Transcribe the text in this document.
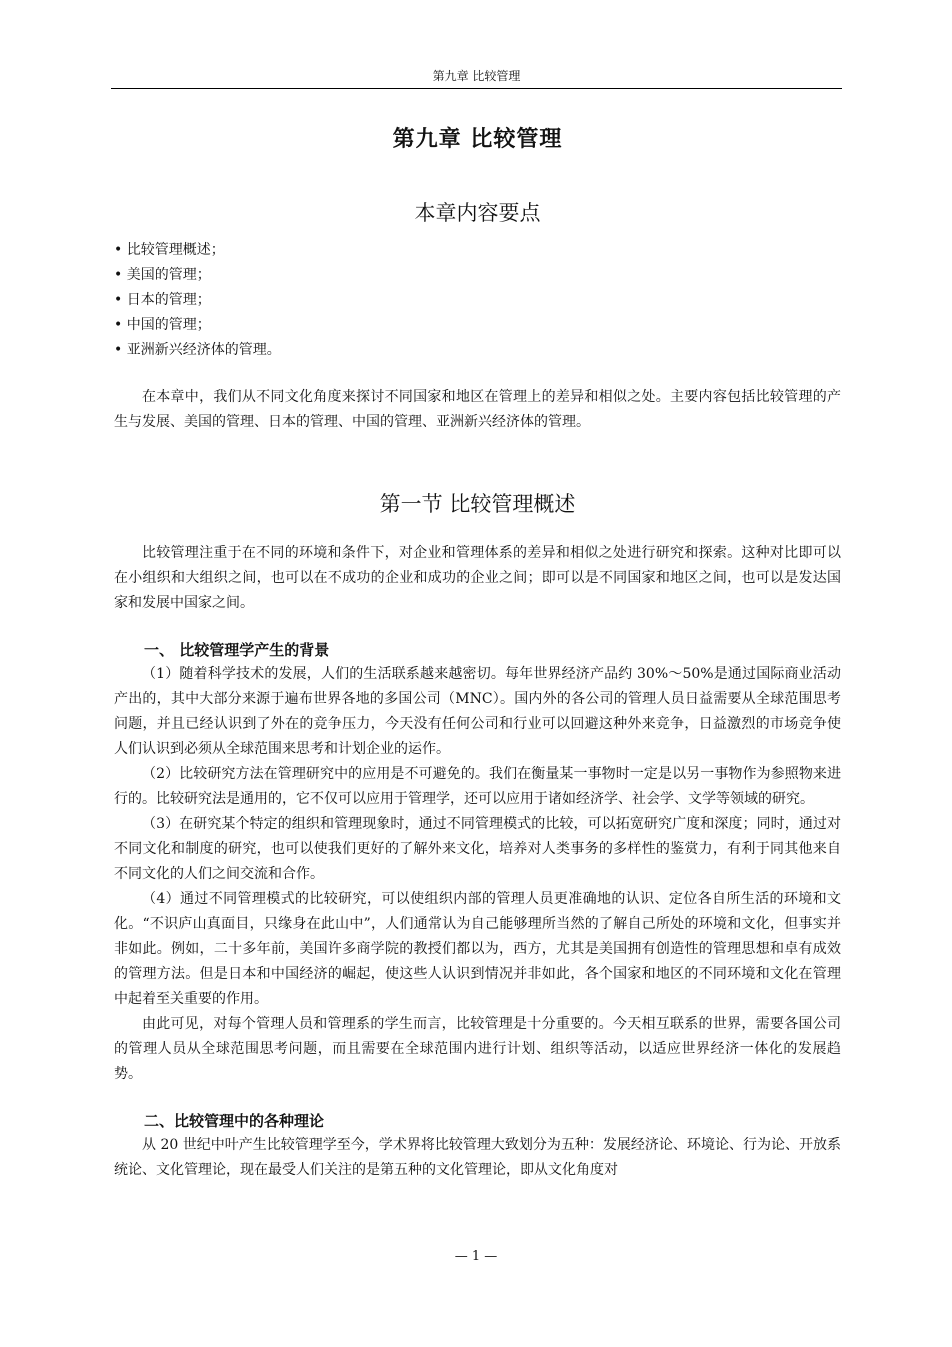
第九章 比较管理
第九章 比较管理
本章内容要点
• 比较管理概述；
• 美国的管理；
• 日本的管理；
• 中国的管理；
• 亚洲新兴经济体的管理。

在本章中，我们从不同文化角度来探讨不同国家和地区在管理上的差异和相似之处。主要内容包括比较管理的产生与发展、美国的管理、日本的管理、中国的管理、亚洲新兴经济体的管理。

第一节 比较管理概述

比较管理注重于在不同的环境和条件下，对企业和管理体系的差异和相似之处进行研究和探索。这种对比即可以在小组织和大组织之间，也可以在不成功的企业和成功的企业之间；即可以是不同国家和地区之间，也可以是发达国家和发展中国家之间。

一、 比较管理学产生的背景

（1）随着科学技术的发展，人们的生活联系越来越密切。每年世界经济产品约 30%～50%是通过国际商业活动产出的，其中大部分来源于遍布世界各地的多国公司（MNC）。国内外的各公司的管理人员日益需要从全球范围思考问题，并且已经认识到了外在的竞争压力，今天没有任何公司和行业可以回避这种外来竞争，日益激烈的市场竞争使人们认识到必须从全球范围来思考和计划企业的运作。

（2）比较研究方法在管理研究中的应用是不可避免的。我们在衡量某一事物时一定是以另一事物作为参照物来进行的。比较研究法是通用的，它不仅可以应用于管理学，还可以应用于诸如经济学、社会学、文学等领域的研究。

（3）在研究某个特定的组织和管理现象时，通过不同管理模式的比较，可以拓宽研究广度和深度；同时，通过对不同文化和制度的研究，也可以使我们更好的了解外来文化，培养对人类事务的多样性的鉴赏力，有利于同其他来自不同文化的人们之间交流和合作。

（4）通过不同管理模式的比较研究，可以使组织内部的管理人员更准确地的认识、定位各自所生活的环境和文化。“不识庐山真面目，只缘身在此山中”，人们通常认为自己能够理所当然的了解自己所处的环境和文化，但事实并非如此。例如，二十多年前，美国许多商学院的教授们都以为，西方，尤其是美国拥有创造性的管理思想和卓有成效的管理方法。但是日本和中国经济的崛起，使这些人认识到情况并非如此，各个国家和地区的不同环境和文化在管理中起着至关重要的作用。

由此可见，对每个管理人员和管理系的学生而言，比较管理是十分重要的。今天相互联系的世界，需要各国公司的管理人员从全球范围思考问题，而且需要在全球范围内进行计划、组织等活动，以适应世界经济一体化的发展趋势。

二、比较管理中的各种理论

从 20 世纪中叶产生比较管理学至今，学术界将比较管理大致划分为五种：发展经济论、环境论、行为论、开放系统论、文化管理论，现在最受人们关注的是第五种的文化管理论，即从文化角度对

— 1 —
